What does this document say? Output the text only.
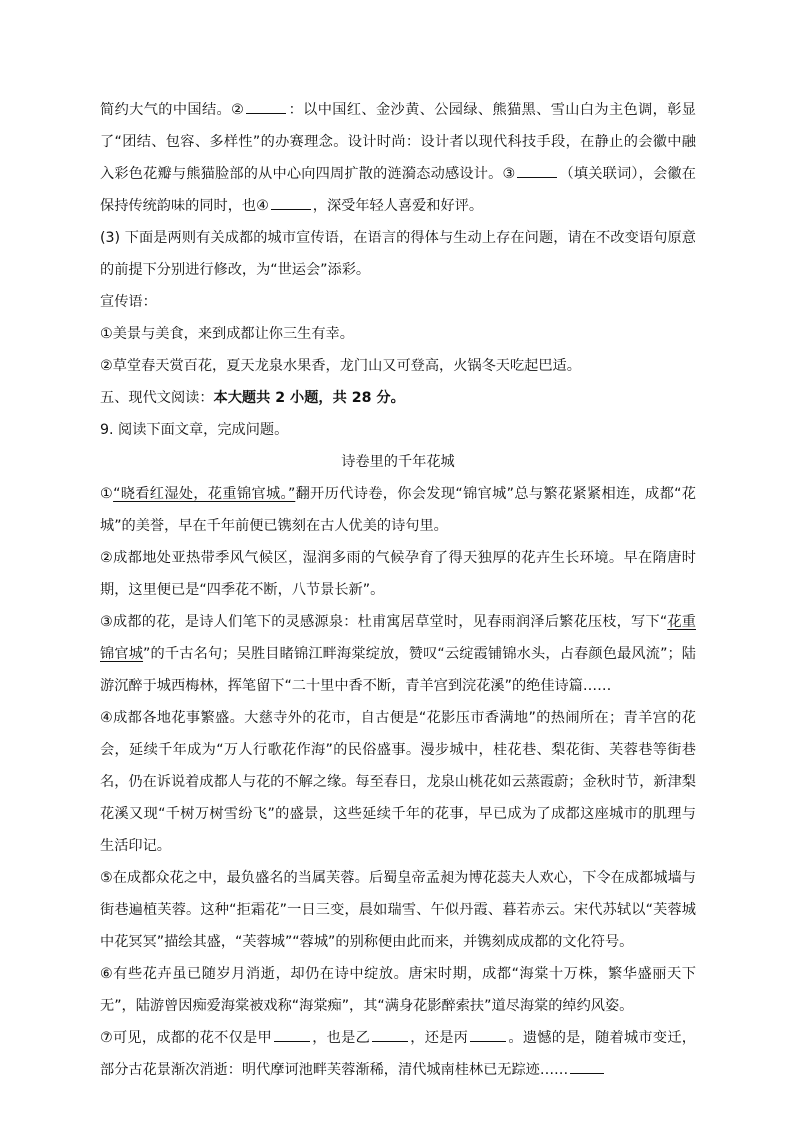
简约大气的中国结。②	：以中国红、金沙黄、公园绿、熊猫黑、雪山白为主色调，彰显了“团结、包容、多样性”的办赛理念。设计时尚：设计者以现代科技手段，在静止的会徽中融入彩色花瓣与熊猫脸部的从中心向四周扩散的涟漪态动感设计。③	（填关联词），会徽在保持传统韵味的同时，也④	，深受年轻人喜爱和好评。

(3) 下面是两则有关成都的城市宣传语，在语言的得体与生动上存在问题，请在不改变语句原意的前提下分别进行修改，为“世运会”添彩。

宣传语：

①美景与美食，来到成都让你三生有幸。

②草堂春天赏百花，夏天龙泉水果香，龙门山又可登高，火锅冬天吃起巴适。

五、现代文阅读：本大题共 2 小题，共 28 分。

9. 阅读下面文章，完成问题。

诗卷里的千年花城

①“晓看红湿处，花重锦官城。”翻开历代诗卷，你会发现“锦官城”总与繁花紧紧相连，成都“花城”的美誉，早在千年前便已镌刻在古人优美的诗句里。

②成都地处亚热带季风气候区，湿润多雨的气候孕育了得天独厚的花卉生长环境。早在隋唐时期，这里便已是“四季花不断，八节景长新”。

③成都的花，是诗人们笔下的灵感源泉：杜甫寓居草堂时，见春雨润泽后繁花压枝，写下“花重锦官城”的千古名句；吴胜目睹锦江畔海棠绽放，赞叹“云绽霞铺锦水头，占春颜色最风流”；陆游沉醉于城西梅林，挥笔留下“二十里中香不断，青羊宫到浣花溪”的绝佳诗篇……

④成都各地花事繁盛。大慈寺外的花市，自古便是“花影压市香满地”的热闹所在；青羊宫的花会，延续千年成为“万人行歌花作海”的民俗盛事。漫步城中，桂花巷、梨花街、芙蓉巷等街巷名，仍在诉说着成都人与花的不解之缘。每至春日，龙泉山桃花如云蒸霞蔚；金秋时节，新津梨花溪又现“千树万树雪纷飞”的盛景，这些延续千年的花事，早已成为了成都这座城市的肌理与生活印记。

⑤在成都众花之中，最负盛名的当属芙蓉。后蜀皇帝孟昶为博花蕊夫人欢心，下令在成都城墙与街巷遍植芙蓉。这种“拒霜花”一日三变，晨如瑞雪、午似丹霞、暮若赤云。宋代苏轼以“芙蓉城中花冥冥”描绘其盛，“芙蓉城”“蓉城”的别称便由此而来，并镌刻成成都的文化符号。

⑥有些花卉虽已随岁月消逝，却仍在诗中绽放。唐宋时期，成都“海棠十万株，繁华盛丽天下无”，陆游曾因痴爱海棠被戏称“海棠痴”，其“满身花影醉索扶”道尽海棠的绰约风姿。

⑦可见，成都的花不仅是甲	，也是乙	，还是丙	。遗憾的是，随着城市变迁，部分古花景渐次消逝：明代摩诃池畔芙蓉渐稀，清代城南桂林已无踪迹……
